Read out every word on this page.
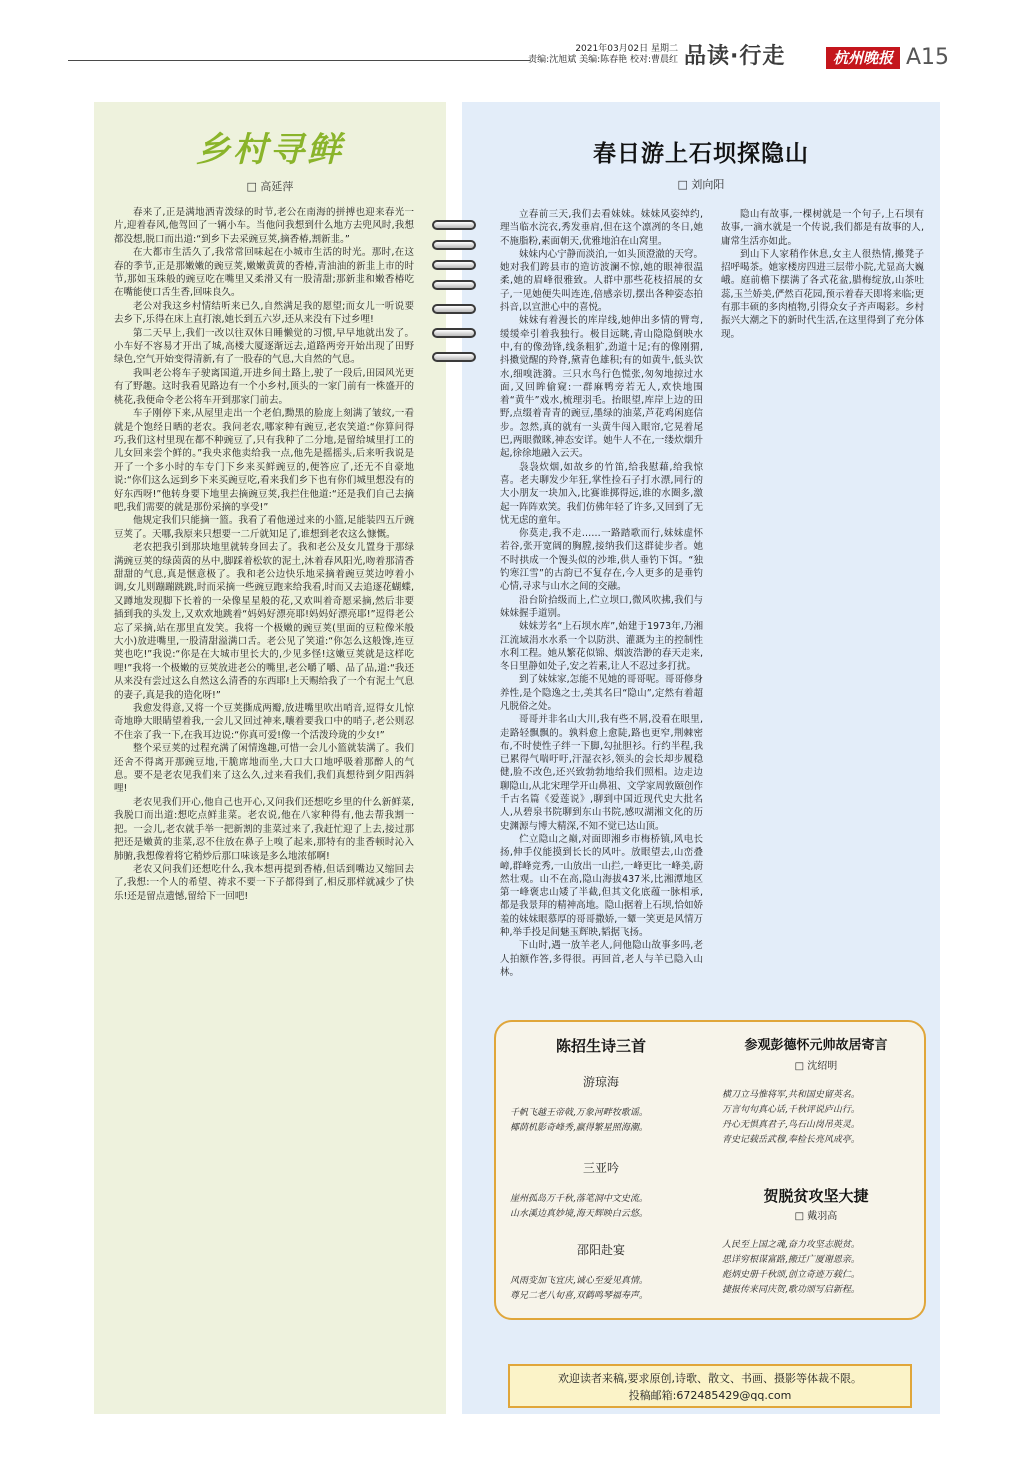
2021年03月02日 星期二
责编:沈旭斌 美编:陈春艳 校对:曹晨红 品读·行走	杭州晚报 A15
乡村寻鲜
□ 高延萍

春来了,正是满地洒青泼绿的时节,老公在南海的拼搏也迎来春光一片,迎着春风,他驾回了一辆小车。当他问我想到什么地方去兜风时,我想都没想,脱口而出道:“到乡下去采豌豆荚,摘香椿,割新韭。”

在大都市生活久了,我常常回味起在小城市生活的时光。那时,在这春的季节,正是那嫩嫩的豌豆荚,嫩嫩黄黄的香椿,青油油的新韭上市的时节,那如玉珠般的豌豆吃在嘴里又柔滑又有一股清甜;那新韭和嫩香椿吃在嘴能使口舌生香,回味良久。

老公对我这乡村情结听来已久,自然满足我的愿望;而女儿一听说要去乡下,乐得在床上直打滚,她长到五六岁,还从来没有下过乡哩!

第二天早上,我们一改以往双休日睡懒觉的习惯,早早地就出发了。小车好不容易才开出了城,高楼大厦逐渐远去,道路两旁开始出现了田野绿色,空气开始变得清新,有了一股春的气息,大自然的气息。

我叫老公将车子驶离国道,开进乡间土路上,驶了一段后,田园风光更有了野趣。这时我看见路边有一个小乡村,顶头的一家门前有一株盛开的桃花,我便命令老公将车开到那家门前去。

车子刚停下来,从屋里走出一个老伯,黝黑的脸庞上刻满了皱纹,一看就是个饱经日晒的老农。我问老农,哪家种有豌豆,老农笑道:“你算问得巧,我们这村里现在都不种豌豆了,只有我种了二分地,是留给城里打工的儿女回来尝个鲜的。”我央求他卖给我一点,他先是摇摇头,后来听我说是开了一个多小时的车专门下乡来买鲜豌豆的,便答应了,还无不自豪地说:“你们这么远到乡下来买豌豆吃,看来我们乡下也有你们城里想没有的好东西呀!”他转身要下地里去摘豌豆荚,我拦住他道:“还是我们自己去摘吧,我们需要的就是那份采摘的享受!”

他规定我们只能摘一篮。我看了看他递过来的小篮,足能装四五斤豌豆荚了。天哪,我原来只想要一二斤就知足了,谁想到老农这么慷慨。

老农把我引到那块地里就转身回去了。我和老公及女儿置身于那绿满豌豆荚的绿茵茵的丛中,脚踩着松软的泥土,沐着春风阳光,吻着那清香甜甜的气息,真是惬意极了。我和老公边快乐地采摘着豌豆荚边哼着小调,女儿则蹦蹦跳跳,时而采摘一些豌豆跑来给我看,时而又去追逐花蝴蝶,又蹲地发现脚下长着的一朵像星星般的花,又欢叫着奇愿采摘,然后非要插到我的头发上,又欢欢地跳着“妈妈好漂亮耶!妈妈好漂亮耶!”逗得老公忘了采摘,站在那里直发笑。我将一个极嫩的豌豆荚(里面的豆粒像米般大小)放进嘴里,一股清甜溢满口舌。老公见了笑道:“你怎么这般馋,连豆荚也吃!”我说:“你是在大城市里长大的,少见多怪!这嫩豆荚就是这样吃哩!”我将一个极嫩的豆荚放进老公的嘴里,老公嚼了嚼、品了品,道:“我还从来没有尝过这么自然这么清香的东西耶!上天赐给我了一个有泥土气息的妻子,真是我的造化呀!”

我愈发得意,又将一个豆荚撕成两瓣,放进嘴里吹出哨音,逗得女儿惊奇地睁大眼睛望着我,一会儿又回过神来,嚷着要我口中的哨子,老公则忍不住亲了我一下,在我耳边说:“你真可爱!像一个活泼玲珑的少女!”

整个采豆荚的过程充满了闲情逸趣,可惜一会儿小篮就装满了。我们还舍不得离开那豌豆地,干脆席地而坐,大口大口地呼吸着那醉人的气息。要不是老农见我们来了这么久,过来看我们,我们真想待到夕阳西斜哩!

老农见我们开心,他自己也开心,又问我们还想吃乡里的什么新鲜菜,我脱口而出道:想吃点鲜韭菜。老农说,他在八家种得有,他去帮我割一把。一会儿,老农就手举一把新割的韭菜过来了,我赶忙迎了上去,接过那把还是嫩黄的韭菜,忍不住放在鼻子上嗅了起来,那特有的韭香顿时沁入肺腑,我想像着将它稍炒后那口味该是多么地浓郁啊!

老农又问我们还想吃什么,我本想再提到香椿,但话到嘴边又缩回去了,我想:一个人的希望、祷求不要一下子都得到了,相反那样就减少了快乐!还是留点遗憾,留给下一回吧!

春日游上石坝探隐山
□ 刘向阳

立春前三天,我们去看妹妹。妹妹风姿绰约,理当临水浣衣,秀发垂肩,但在这个凛冽的冬日,她不施脂粉,素面朝天,优雅地泊在山窝里。

妹妹内心宁静而淡泊,一如头顶澄澈的天穹。她对我们跨县市的造访波澜不惊,她的眼神很温柔,她的眉峰很雅致。人群中那些花枝招展的女子,一见她便失叫连连,倍感亲切,摆出各种姿态拍抖音,以宣泄心中的喜悦。

妹妹有着漫长的库岸线,她伸出多情的臂弯,缓缓牵引着我独行。极目远眺,青山隐隐倒映水中,有的像劲锋,线条粗犷,劲道十足;有的像刚猬,抖擞觉醒的羚脊,黛青色雄积;有的如黄牛,低头饮水,细嗅涟漪。三只水鸟行色慌张,匆匆地掠过水面,又回眸偷窥:一群麻鸭旁若无人,欢快地围着“黄牛”戏水,梳理羽毛。抬眼望,库岸上边的田野,点缀着青青的豌豆,墨绿的油菜,芦花鸡闲庭信步。忽然,真的就有一头黄牛闯入眼帘,它晃着尾巴,两眼微眯,神态安详。她牛人不在,一缕炊烟升起,徐徐地融入云天。

袅袅炊烟,如故乡的竹笛,给我慰藉,给我惊喜。老夫聊发少年狂,掌性捡石子打水漂,同行的大小朋友一块加入,比赛谁掷得远,谁的水圈多,激起一阵阵欢笑。我们仿佛年轻了许多,又回到了无忧无虑的童年。

你莫走,我不走……一路踏歌而行,妹妹虚怀若谷,张开宽阔的胸膛,接纳我们这群徒步者。她不时拱成一个馒头似的沙堆,供人垂钓下饵。“独钓寒江雪”的古韵已不复存在,今人更多的是垂钓心情,寻求与山水之间的交融。

沿台阶拾级而上,伫立坝口,微风吹拂,我们与妹妹握手道别。

妹妹芳名“上石坝水库”,始建于1973年,乃湘江流域涓水水系一个以防洪、灌溉为主的控制性水利工程。她从繁花似锦、烟波浩渺的春天走来,冬日里静如处子,安之若素,让人不忍过多打扰。

到了妹妹家,怎能不见她的哥哥呢。哥哥修身养性,是个隐逸之士,美其名曰“隐山”,定然有着超凡脱俗之处。

哥哥并非名山大川,我有些不屑,没看在眼里,走路轻飘飘的。孰料愈上愈陡,路也更窄,荆棘密布,不时使性子绊一下脚,勾扯胆衫。行约半程,我已累得气喘吁吁,汗湿衣衫,领头的会长却步履稳健,脸不改色,还兴致勃勃地给我们照相。边走边聊隐山,从北宋理学开山鼻祖、文学家周敦颐创作千古名篇《爱莲说》,聊到中国近现代史大批名人,从碧泉书院聊到东山书院,感叹湖湘文化的历史渊源与博大精深,不知不觉已达山顶。

伫立隐山之巅,对面即湘乡市梅桥镇,风电长扬,伸手仪能摸到长长的风叶。放眼望去,山峦叠嶂,群峰竞秀,一山放出一山拦,一峰更比一峰美,蔚然壮观。山不在高,隐山海拔437米,比湘潭地区第一峰褒忠山矮了半截,但其文化底蕴一脉相承,都是我景拜的精神高地。隐山据着上石坝,恰如娇羞的妹妹眼慕厚的哥哥撒娇,一颦一笑更是风情万种,举手投足间魅玉辉映,韬据飞扬。

下山时,遇一放羊老人,问他隐山故事多吗,老人拍额作答,多得很。再回首,老人与羊已隐入山林。

隐山有故事,一棵树就是一个句子,上石坝有故事,一滴水就是一个传说,我们都是有故事的人,庸常生活亦如此。

到山下人家稍作休息,女主人很热情,搬凳子招呼喝茶。她家楼房四进三层带小院,尤显高大巍峨。庭前檐下摆满了各式花盆,腊梅绽放,山茶吐蕊,玉兰娇美,俨然百花园,预示着春天即将来临;更有那丰硕的多肉植物,引得众女子齐声喝彩。乡村振兴大潮之下的新时代生活,在这里得到了充分体现。

陈招生诗三首
游琼海
千帆飞越王帝戟,万象河畔牧歌谣。
椰荫机影奇峰秀,赢得繁星照海潮。
三亚吟
崖州孤岛万千秋,落笔洞中文史流。
山水溪边真妙境,海天辉映白云悠。
邵阳赴宴
风雨变加飞宜庆,诚心至爱见真情。
尊兄二老八旬喜,双鹤鸣琴福寿声。
参观彭德怀元帅故居寄言
□ 沈绍明
横刀立马惟将军,共和国史留英名。
万言句句真心话,千秋评说庐山行。
丹心无惧真君子,鸟石山岗吊英灵。
青史记载岳武穆,奉检长亮风成亭。
贺脱贫攻坚大捷
□ 戴羽高
人民至上国之魂,奋力攻坚志脱贫。
思详穷根谋富路,搬迁广厦谢恩亲。
彪炳史册千秋颂,创立奇迹万载仁。
捷报传来同庆贺,歌功颂写启新程。
欢迎读者来稿,要求原创,诗歌、散文、书画、摄影等体裁不限。
投稿邮箱:672485429@qq.com
